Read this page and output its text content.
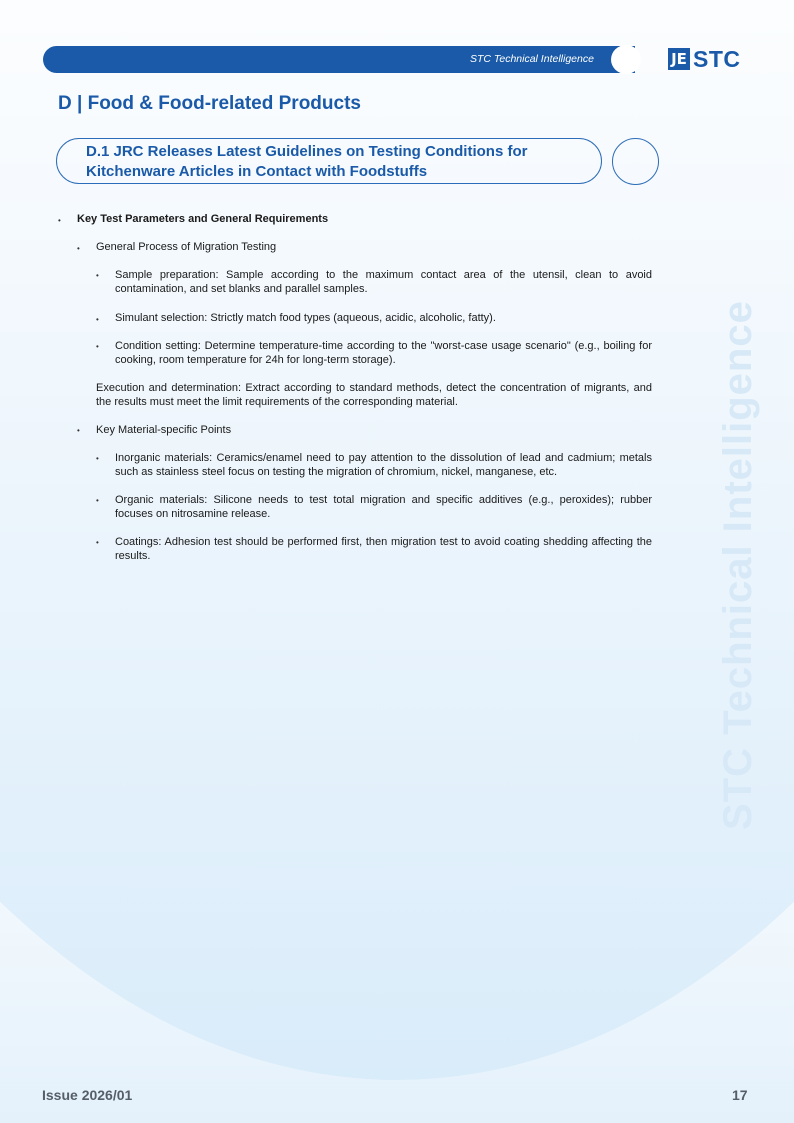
STC Technical Intelligence	JE STC
D | Food & Food-related Products
D.1 JRC Releases Latest Guidelines on Testing Conditions for
Kitchenware Articles in Contact with Foodstuffs
STC Technical Intelligence
• Key Test Parameters and General Requirements
• General Process of Migration Testing
• Sample preparation: Sample according to the maximum contact area of the utensil, clean to avoid contamination, and set blanks and parallel samples.
• Simulant selection: Strictly match food types (aqueous, acidic, alcoholic, fatty).
• Condition setting: Determine temperature-time according to the "worst-case usage scenario" (e.g., boiling for cooking, room temperature for 24h for long-term storage).
Execution and determination: Extract according to standard methods, detect the concentration of migrants, and the results must meet the limit requirements of the corresponding material.
• Key Material-specific Points
• Inorganic materials: Ceramics/enamel need to pay attention to the dissolution of lead and cadmium; metals such as stainless steel focus on testing the migration of chromium, nickel, manganese, etc.
• Organic materials: Silicone needs to test total migration and specific additives (e.g., peroxides); rubber focuses on nitrosamine release.
• Coatings: Adhesion test should be performed first, then migration test to avoid coating shedding affecting the results.
Issue 2026/01	17
